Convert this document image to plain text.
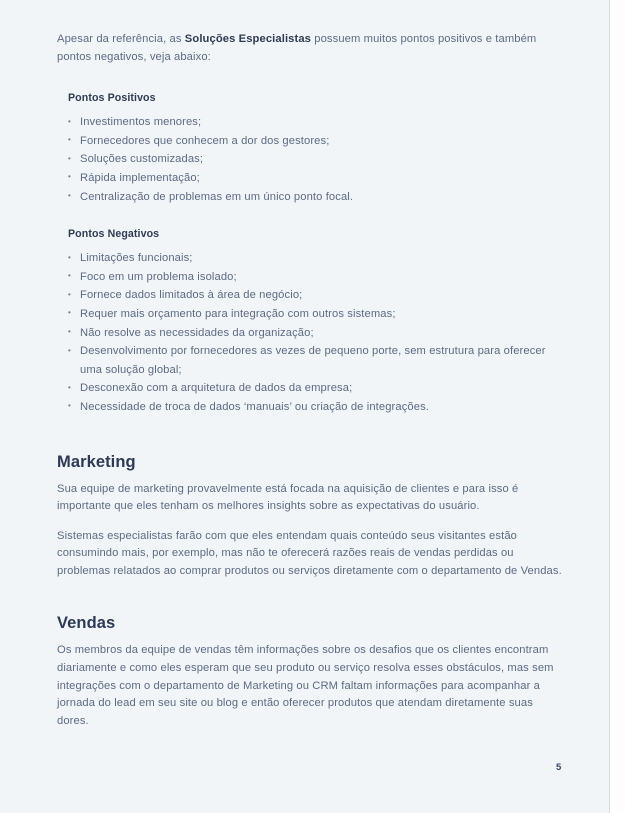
Apesar da referência, as Soluções Especialistas possuem muitos pontos positivos e também pontos negativos, veja abaixo:

Pontos Positivos
• Investimentos menores;
• Fornecedores que conhecem a dor dos gestores;
• Soluções customizadas;
• Rápida implementação;
• Centralização de problemas em um único ponto focal.
Pontos Negativos
• Limitações funcionais;
• Foco em um problema isolado;
• Fornece dados limitados à área de negócio;
• Requer mais orçamento para integração com outros sistemas;
• Não resolve as necessidades da organização;
• Desenvolvimento por fornecedores as vezes de pequeno porte, sem estrutura para oferecer uma solução global;
• Desconexão com a arquitetura de dados da empresa;
• Necessidade de troca de dados ‘manuais’ ou criação de integrações.
Marketing

Sua equipe de marketing provavelmente está focada na aquisição de clientes e para isso é importante que eles tenham os melhores insights sobre as expectativas do usuário.

Sistemas especialistas farão com que eles entendam quais conteúdo seus visitantes estão consumindo mais, por exemplo, mas não te oferecerá razões reais de vendas perdidas ou problemas relatados ao comprar produtos ou serviços diretamente com o departamento de Vendas.

Vendas

Os membros da equipe de vendas têm informações sobre os desafios que os clientes encontram diariamente e como eles esperam que seu produto ou serviço resolva esses obstáculos, mas sem integrações com o departamento de Marketing ou CRM faltam informações para acompanhar a jornada do lead em seu site ou blog e então oferecer produtos que atendam diretamente suas dores.

5
